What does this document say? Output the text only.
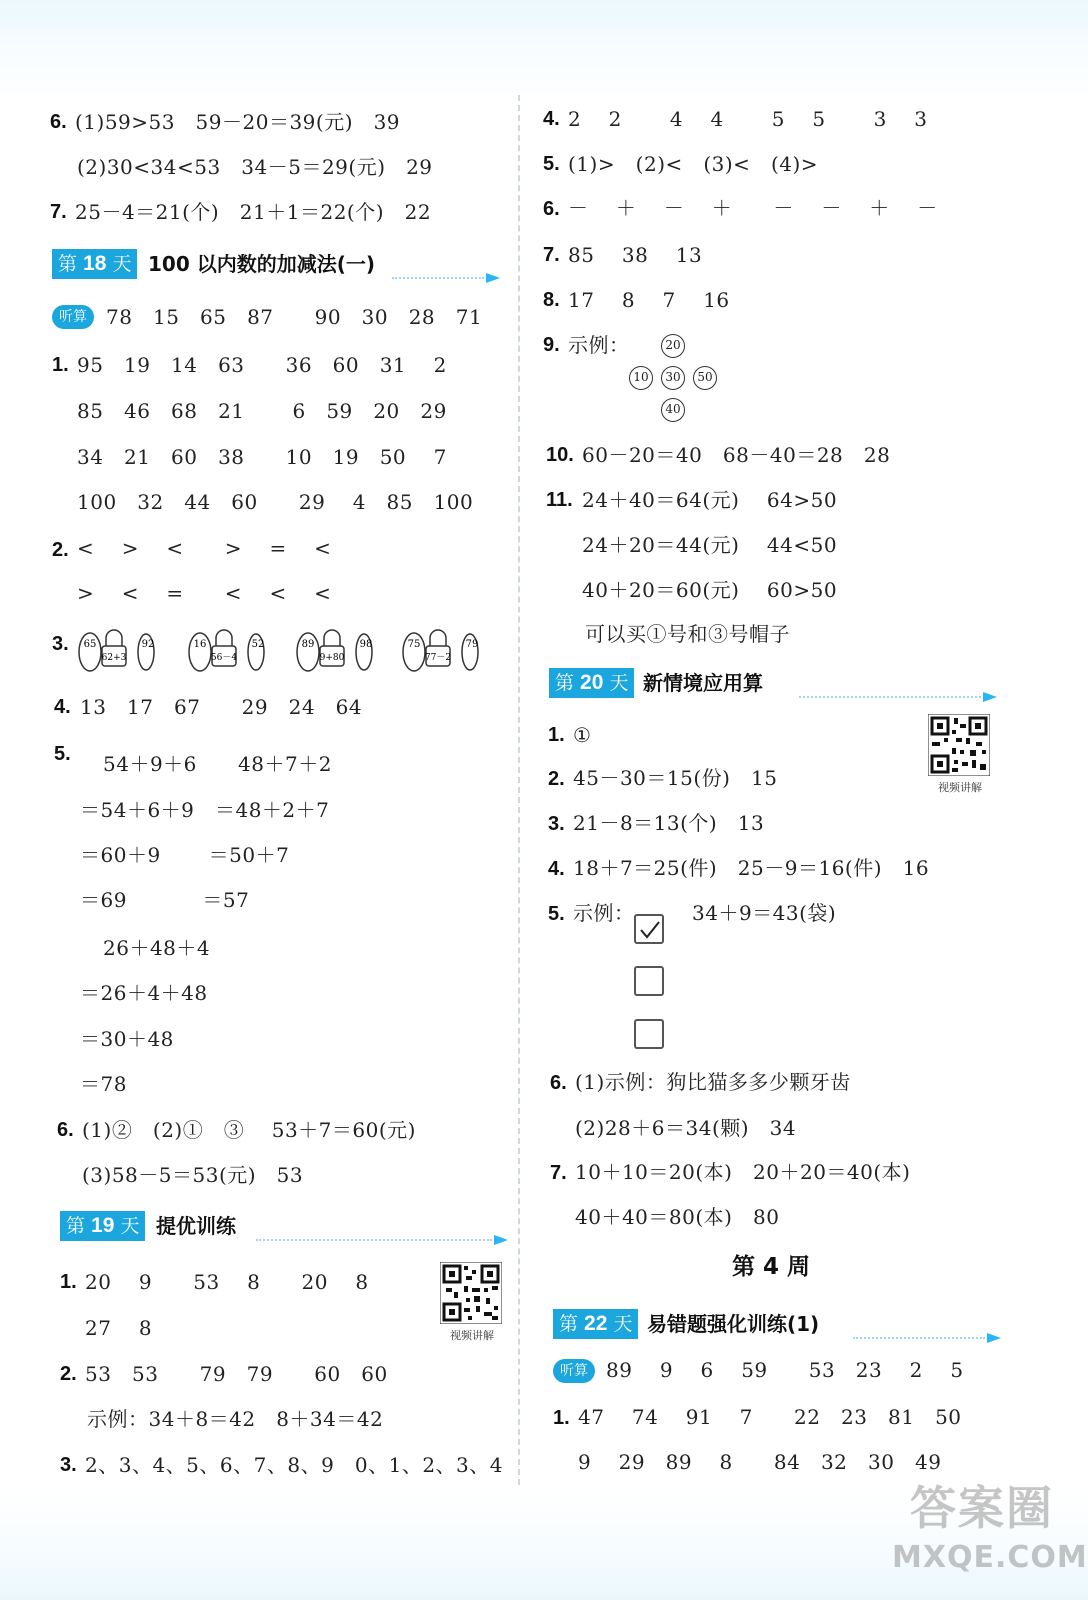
6. (1)59>53   59－20＝39(元)   39
(2)30<34<53   34－5＝29(元)   29
7. 25－4＝21(个)   21＋1＝22(个)   22
第 18 天 100 以内数的加减法(一)
听算 78   15   65   87      90   30   28   71
1. 95   19   14   63      36   60   31    2
85   46   68   21       6   59   20   29
34   21   60   38      10   19   50    7
100   32   44   60      29    4   85   100
2. <    >    <      >    =    <
>    <    =      <    <    <
3. 65
62+3
92	16
56－4
52	89
9+80
98	75
77－2
79
4. 13   17   67      29   24   64
5. 54＋9＋6      48＋7＋2
＝54＋6＋9   ＝48＋2＋7
＝60＋9       ＝50＋7
＝69           ＝57
26＋48＋4
＝26＋4＋48
＝30＋48
＝78
6. (1)②   (2)①   ③    53＋7＝60(元)
(3)58－5＝53(元)   53
第 19 天 提优训练
1. 20    9      53    8      20    8
27    8	视频讲解
2. 53   53      79   79      60   60
示例：34＋8＝42   8＋34＝42
3. 2、3、4、5、6、7、8、9   0、1、2、3、4
4. 2    2       4    4       5    5       3    3
5. (1)>   (2)<   (3)<   (4)>
6. －    ＋    －    ＋      －    －    ＋    －
7. 85    38    13
8. 17    8    7    16
9. 示例：	20
10	30	50
40
10. 60－20＝40   68－40＝28   28
11. 24＋40＝64(元)    64>50
24＋20＝44(元)    44<50
40＋20＝60(元)    60>50
可以买①号和③号帽子
第 20 天 新情境应用算
1. ①
视频讲解
2. 45－30＝15(份)   15
3. 21－8＝13(个)   13
4. 18＋7＝25(件)   25－9＝16(件)   16
5. 示例：	34＋9＝43(袋)
6. (1)示例：狗比猫多多少颗牙齿
(2)28＋6＝34(颗)   34
7. 10＋10＝20(本)   20＋20＝40(本)
40＋40＝80(本)   80
第 4 周
第 22 天 易错题强化训练(1)
听算 89    9    6    59      53   23    2    5
1. 47    74    91    7      22   23   81   50
9    29   89    8      84   32   30   49
答案圈
MXQE.COM
